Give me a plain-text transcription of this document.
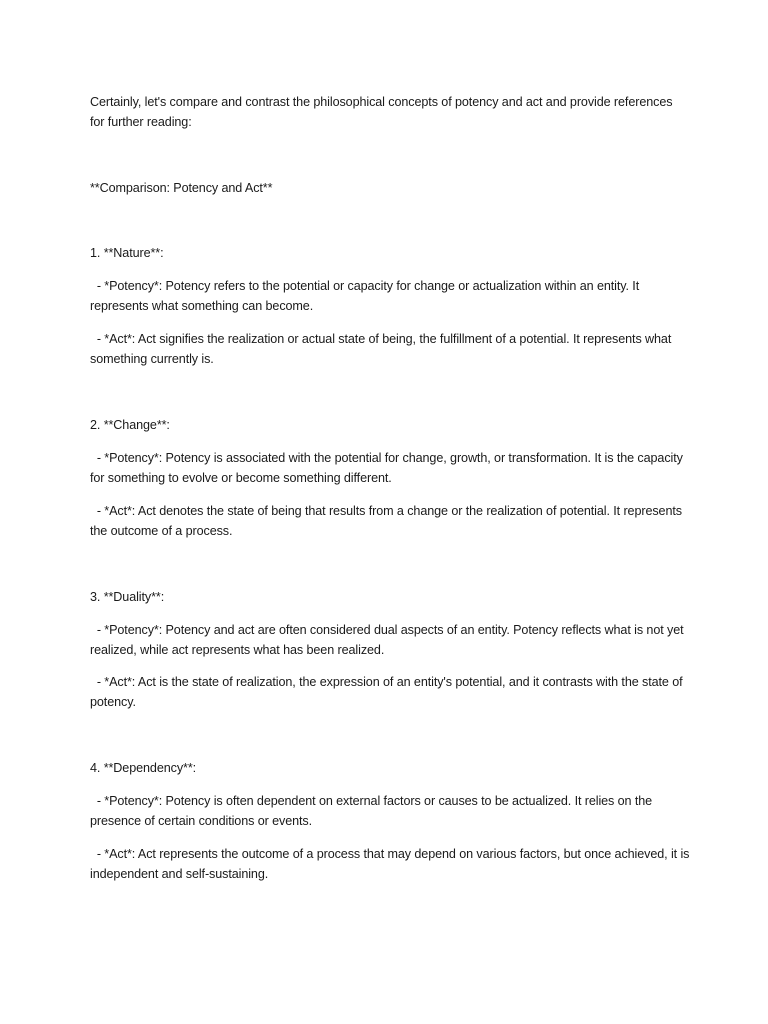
Certainly, let's compare and contrast the philosophical concepts of potency and act and provide references for further reading:

**Comparison: Potency and Act**

1. **Nature**:

- *Potency*: Potency refers to the potential or capacity for change or actualization within an entity. It represents what something can become.

- *Act*: Act signifies the realization or actual state of being, the fulfillment of a potential. It represents what something currently is.

2. **Change**:

- *Potency*: Potency is associated with the potential for change, growth, or transformation. It is the capacity for something to evolve or become something different.

- *Act*: Act denotes the state of being that results from a change or the realization of potential. It represents the outcome of a process.

3. **Duality**:

- *Potency*: Potency and act are often considered dual aspects of an entity. Potency reflects what is not yet realized, while act represents what has been realized.

- *Act*: Act is the state of realization, the expression of an entity's potential, and it contrasts with the state of potency.

4. **Dependency**:

- *Potency*: Potency is often dependent on external factors or causes to be actualized. It relies on the presence of certain conditions or events.

- *Act*: Act represents the outcome of a process that may depend on various factors, but once achieved, it is independent and self-sustaining.
